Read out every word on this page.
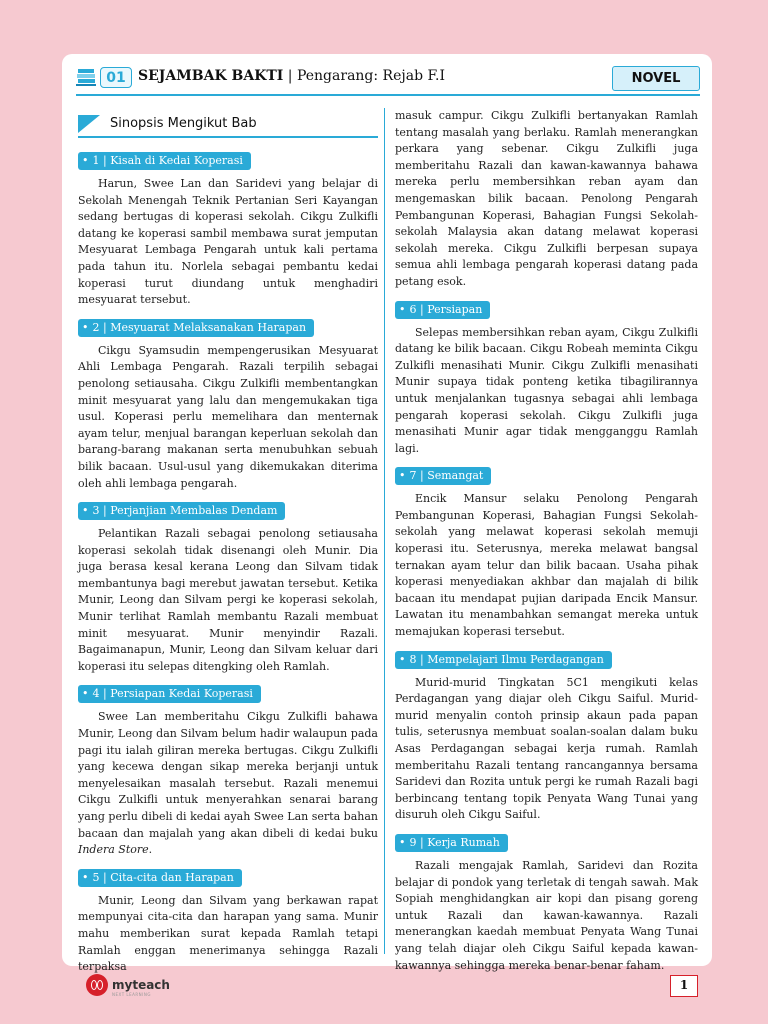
01 SEJAMBAK BAKTI | Pengarang: Rejab F.I	NOVEL
Sinopsis Mengikut Bab
• 1 | Kisah di Kedai Koperasi

Harun, Swee Lan dan Saridevi yang belajar di Sekolah Menengah Teknik Pertanian Seri Kayangan sedang bertugas di koperasi sekolah. Cikgu Zulkifli datang ke koperasi sambil membawa surat jemputan Mesyuarat Lembaga Pengarah untuk kali pertama pada tahun itu. Norlela sebagai pembantu kedai koperasi turut diundang untuk menghadiri mesyuarat tersebut.

• 2 | Mesyuarat Melaksanakan Harapan

Cikgu Syamsudin mempengerusikan Mesyuarat Ahli Lembaga Pengarah. Razali terpilih sebagai penolong setiausaha. Cikgu Zulkifli membentangkan minit mesyuarat yang lalu dan mengemukakan tiga usul. Koperasi perlu memelihara dan menternak ayam telur, menjual barangan keperluan sekolah dan barang-barang makanan serta menubuhkan sebuah bilik bacaan. Usul-usul yang dikemukakan diterima oleh ahli lembaga pengarah.

• 3 | Perjanjian Membalas Dendam

Pelantikan Razali sebagai penolong setiausaha koperasi sekolah tidak disenangi oleh Munir. Dia juga berasa kesal kerana Leong dan Silvam tidak membantunya bagi merebut jawatan tersebut. Ketika Munir, Leong dan Silvam pergi ke koperasi sekolah, Munir terlihat Ramlah membantu Razali membuat minit mesyuarat. Munir menyindir Razali. Bagaimanapun, Munir, Leong dan Silvam keluar dari koperasi itu selepas ditengking oleh Ramlah.

• 4 | Persiapan Kedai Koperasi

Swee Lan memberitahu Cikgu Zulkifli bahawa Munir, Leong dan Silvam belum hadir walaupun pada pagi itu ialah giliran mereka bertugas. Cikgu Zulkifli yang kecewa dengan sikap mereka berjanji untuk menyelesaikan masalah tersebut. Razali menemui Cikgu Zulkifli untuk menyerahkan senarai barang yang perlu dibeli di kedai ayah Swee Lan serta bahan bacaan dan majalah yang akan dibeli di kedai buku Indera Store.

• 5 | Cita-cita dan Harapan

Munir, Leong dan Silvam yang berkawan rapat mempunyai cita-cita dan harapan yang sama. Munir mahu memberikan surat kepada Ramlah tetapi Ramlah enggan menerimanya sehingga Razali terpaksa

masuk campur. Cikgu Zulkifli bertanyakan Ramlah tentang masalah yang berlaku. Ramlah menerangkan perkara yang sebenar. Cikgu Zulkifli juga memberitahu Razali dan kawan-kawannya bahawa mereka perlu membersihkan reban ayam dan mengemaskan bilik bacaan. Penolong Pengarah Pembangunan Koperasi, Bahagian Fungsi Sekolah-sekolah Malaysia akan datang melawat koperasi sekolah mereka. Cikgu Zulkifli berpesan supaya semua ahli lembaga pengarah koperasi datang pada petang esok.

• 6 | Persiapan

Selepas membersihkan reban ayam, Cikgu Zulkifli datang ke bilik bacaan. Cikgu Robeah meminta Cikgu Zulkifli menasihati Munir. Cikgu Zulkifli menasihati Munir supaya tidak ponteng ketika tibagilirannya untuk menjalankan tugasnya sebagai ahli lembaga pengarah koperasi sekolah. Cikgu Zulkifli juga menasihati Munir agar tidak mengganggu Ramlah lagi.

• 7 | Semangat

Encik Mansur selaku Penolong Pengarah Pembangunan Koperasi, Bahagian Fungsi Sekolah-sekolah yang melawat koperasi sekolah memuji koperasi itu. Seterusnya, mereka melawat bangsal ternakan ayam telur dan bilik bacaan. Usaha pihak koperasi menyediakan akhbar dan majalah di bilik bacaan itu mendapat pujian daripada Encik Mansur. Lawatan itu menambahkan semangat mereka untuk memajukan koperasi tersebut.

• 8 | Mempelajari Ilmu Perdagangan

Murid-murid Tingkatan 5C1 mengikuti kelas Perdagangan yang diajar oleh Cikgu Saiful. Murid-murid menyalin contoh prinsip akaun pada papan tulis, seterusnya membuat soalan-soalan dalam buku Asas Perdagangan sebagai kerja rumah. Ramlah memberitahu Razali tentang rancangannya bersama Saridevi dan Rozita untuk pergi ke rumah Razali bagi berbincang tentang topik Penyata Wang Tunai yang disuruh oleh Cikgu Saiful.

• 9 | Kerja Rumah

Razali mengajak Ramlah, Saridevi dan Rozita belajar di pondok yang terletak di tengah sawah. Mak Sopiah menghidangkan air kopi dan pisang goreng untuk Razali dan kawan-kawannya. Razali menerangkan kaedah membuat Penyata Wang Tunai yang telah diajar oleh Cikgu Saiful kepada kawan-kawannya sehingga mereka benar-benar faham.

myteach
NEXT LEARNING
1
